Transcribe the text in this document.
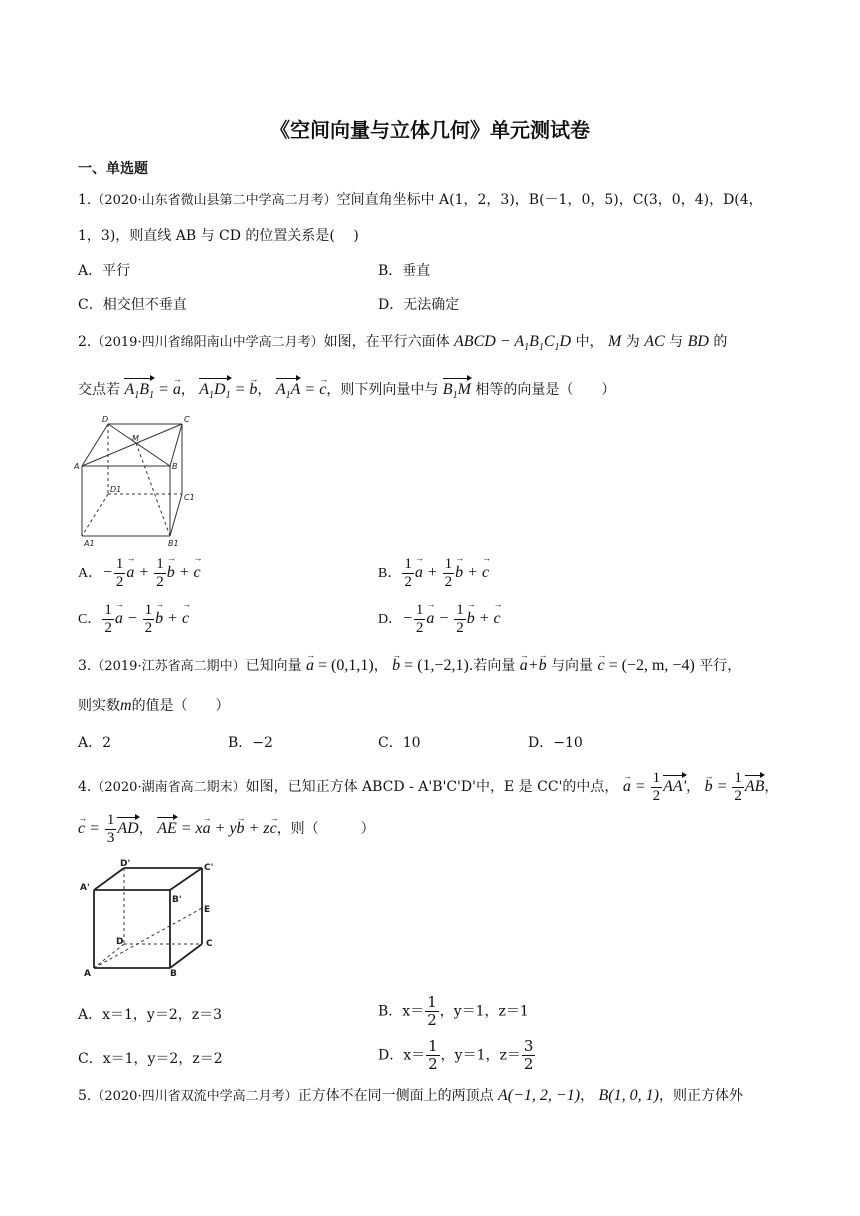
《空间向量与立体几何》单元测试卷
一、单选题
1.（2020·山东省微山县第二中学高二月考）空间直角坐标中 A(1，2，3)，B(－1，0，5)，C(3，0，4)，D(4，
1，3)，则直线 AB 与 CD 的位置关系是(　 )
A．平行	B．垂直
C．相交但不垂直	D．无法确定
2.（2019·四川省绵阳南山中学高二月考）如图，在平行六面体 ABCD − $A_1B_1C_1D$ 中， M 为 AC 与 BD 的
交点若 $A_1B_1 = a$ →， $A_1D_1 = b$ →， $A_1A = c$ →，则下列向量中与 $B_1M$ 相等的向量是（　　）
D	C
M
A	B
D1
C1
A1	B1
A．− $\frac{1}{2}$ a → + $\frac{1}{2}$ b → + c →	B． $\frac{1}{2}$ a → + $\frac{1}{2}$ b → + c →
C． $\frac{1}{2}$ a → − $\frac{1}{2}$ b → + c →	D．− $\frac{1}{2}$ a → − $\frac{1}{2}$ b → + c →
3.（2019·江苏省高二期中）已知向量 a → = (0,1,1)， b → = (1,−2,1).若向量 a →+b → 与向量 c → = (−2, m, −4) 平行，
则实数m的值是（　　）
A．2	B．−2	C．10	D．−10
4.（2020·湖南省高二期末）如图，已知正方体 ABCD - A'B'C'D'中，E 是 CC'的中点， a → = $\frac{1}{2} AA'$， b → = $\frac{1}{2}$ AB，
c → = $\frac{1}{3}$ AD， AE = xa → + yb → + zc →，则（　　　）
D'	C'
A'
B'
E
D	C
A	B
A．x＝1，y＝2，z＝3	B．$x= \frac{1}{2}$ ，y＝1，z＝1
C．x＝1，y＝2，z＝2	D．$x= \frac{1}{2}$ ，y＝1，$z= \frac{3}{2}$
5.（2020·四川省双流中学高二月考）正方体不在同一侧面上的两顶点 A(−1, 2, −1)， B(1, 0, 1)，则正方体外
